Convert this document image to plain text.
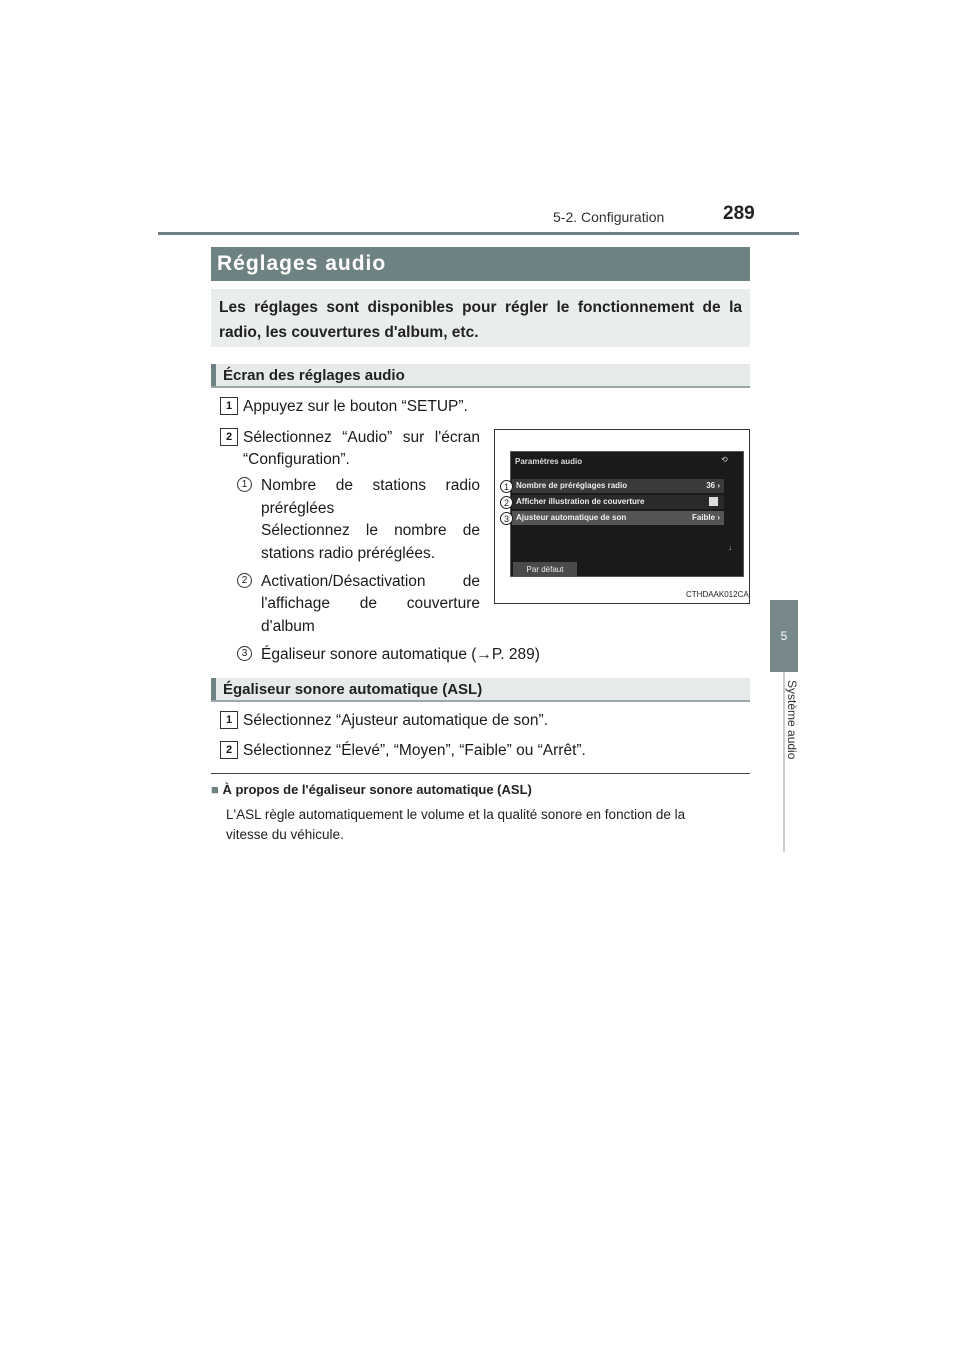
5-2. Configuration	289
5
Système audio
Réglages audio
Les réglages sont disponibles pour régler le fonctionnement de la radio, les couvertures d'album, etc.
Écran des réglages audio
1 Appuyez sur le bouton “SETUP”.
2 Sélectionnez “Audio” sur l'écran
“Configuration”.
1 Nombre de stations radio
préréglées
Sélectionnez le nombre de
stations radio préréglées.
2 Activation/Désactivation de
l'affichage de couverture
d'album
3 Égaliseur sonore automatique (→P. 289)
Paramètres audio	⟲
Nombre de préréglages radio	36 ›
Afficher illustration de couverture
Ajusteur automatique de son	Faible ›
↓
Par défaut
CTHDAAK012CA
1
2
3
Égaliseur sonore automatique (ASL)
1 Sélectionnez “Ajusteur automatique de son”.
2 Sélectionnez “Élevé”, “Moyen”, “Faible” ou “Arrêt”.
■ À propos de l'égaliseur sonore automatique (ASL)
L'ASL règle automatiquement le volume et la qualité sonore en fonction de la
vitesse du véhicule.
